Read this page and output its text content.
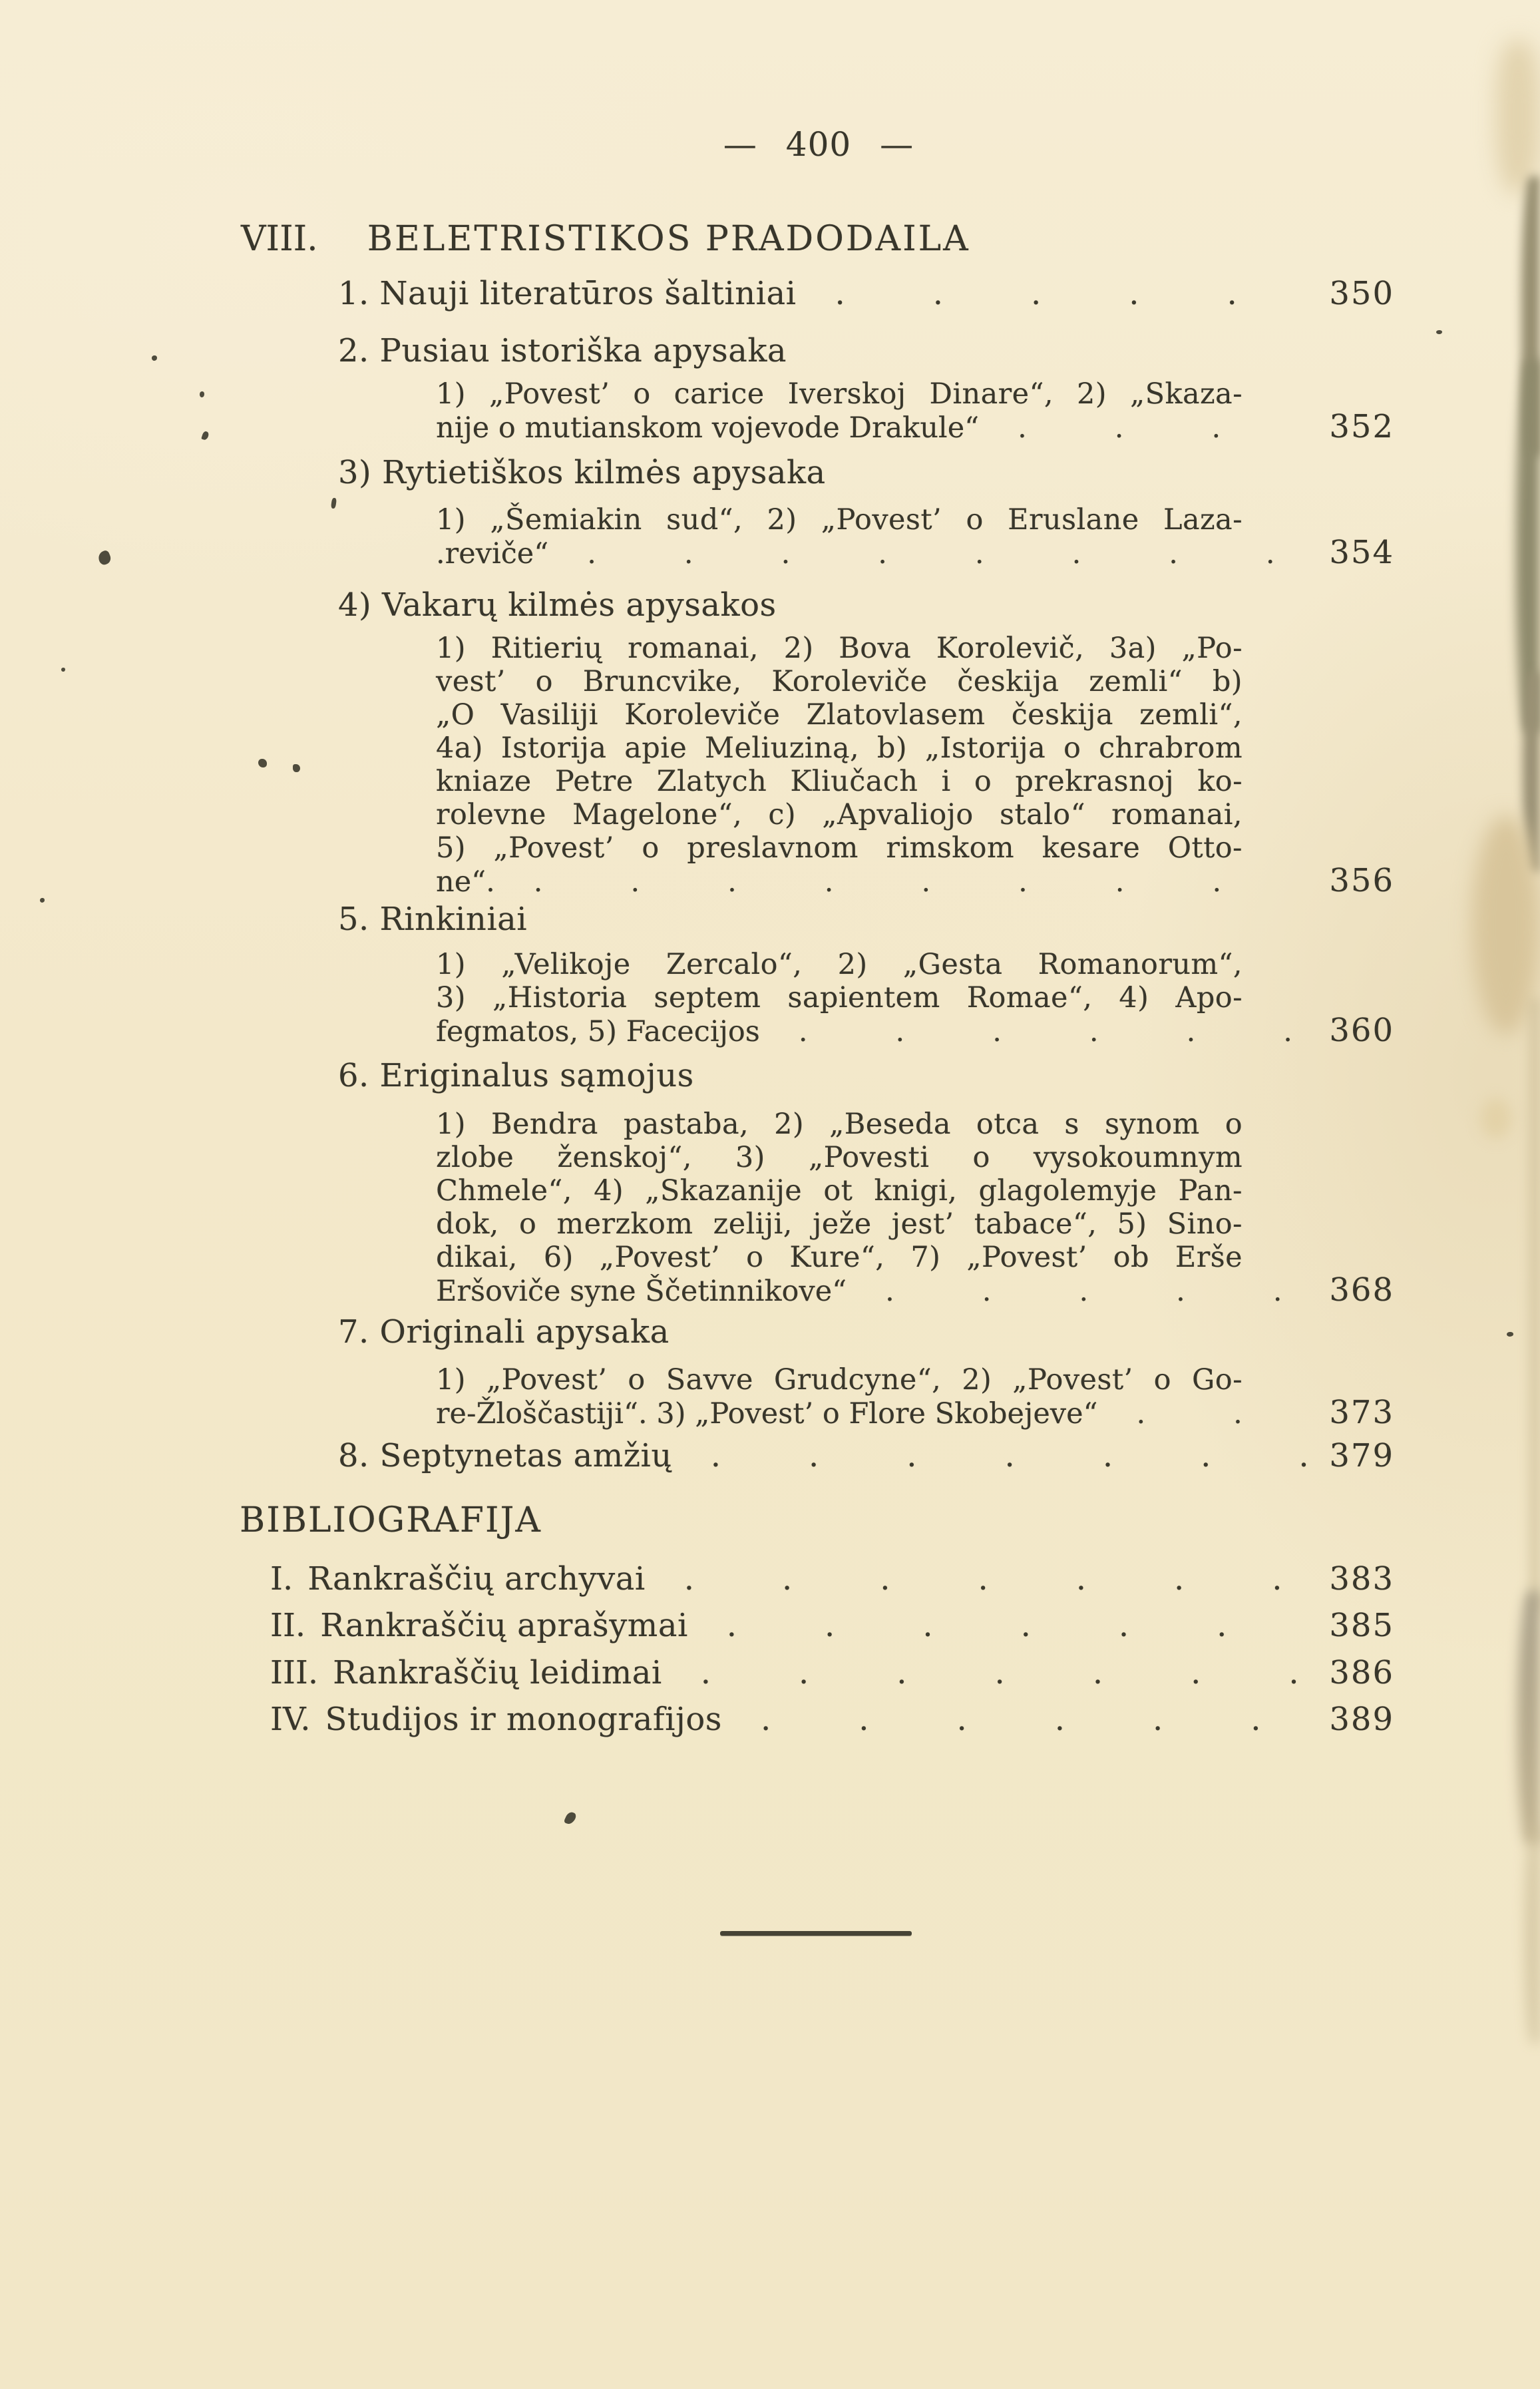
— 400 —
VIII. BELETRISTIKOS PRADODAILA
1. Nauji literatūros šaltiniai .....	350
2. Pusiau istoriška apysaka
1) „Povest’ o carice Iverskoj Dinare“, 2) „Skaza-
nije o mutianskom vojevode Drakule“ .....	352
3) Rytietiškos kilmės apysaka
1) „Šemiakin sud“, 2) „Povest’ o Eruslane Laza-
.reviče“ .....	354
4) Vakarų kilmės apysakos
1) Ritierių romanai, 2) Bova Korolevič, 3a) „Po-
vest’ o Bruncvike, Koroleviče českija zemli“ b)
„O Vasiliji Koroleviče Zlatovlasem českija zemli“,
4a) Istorija apie Meliuziną, b) „Istorija o chrabrom
kniaze Petre Zlatych Kliučach i o prekrasnoj ko-
rolevne Magelone“, c) „Apvaliojo stalo“ romanai,
5) „Povest’ o preslavnom rimskom kesare Otto-
ne“. .....	356
5. Rinkiniai
1) „Velikoje Zercalo“, 2) „Gesta Romanorum“,
3) „Historia septem sapientem Romae“, 4) Apo-
fegmatos, 5) Facecijos .....	360
6. Eriginalus sąmojus
1) Bendra pastaba, 2) „Beseda otca s synom o
zlobe ženskoj“, 3) „Povesti o vysokoumnym
Chmele“, 4) „Skazanije ot knigi, glagolemyje Pan-
dok, o merzkom zeliji, ježe jest’ tabace“, 5) Sino-
dikai, 6) „Povest’ o Kure“, 7) „Povest’ ob Erše
Eršoviče syne Ščetinnikove“ .....	368
7. Originali apysaka
1) „Povest’ o Savve Grudcyne“, 2) „Povest’ o Go-
re-Žloščastiji“. 3) „Povest’ o Flore Skobejeve“ .....	373
8. Septynetas amžių .....	379
BIBLIOGRAFIJA
I. Rankraščių archyvai .....	383
II. Rankraščių aprašymai .....	385
III. Rankraščių leidimai .....	386
IV. Studijos ir monografijos .....	389
